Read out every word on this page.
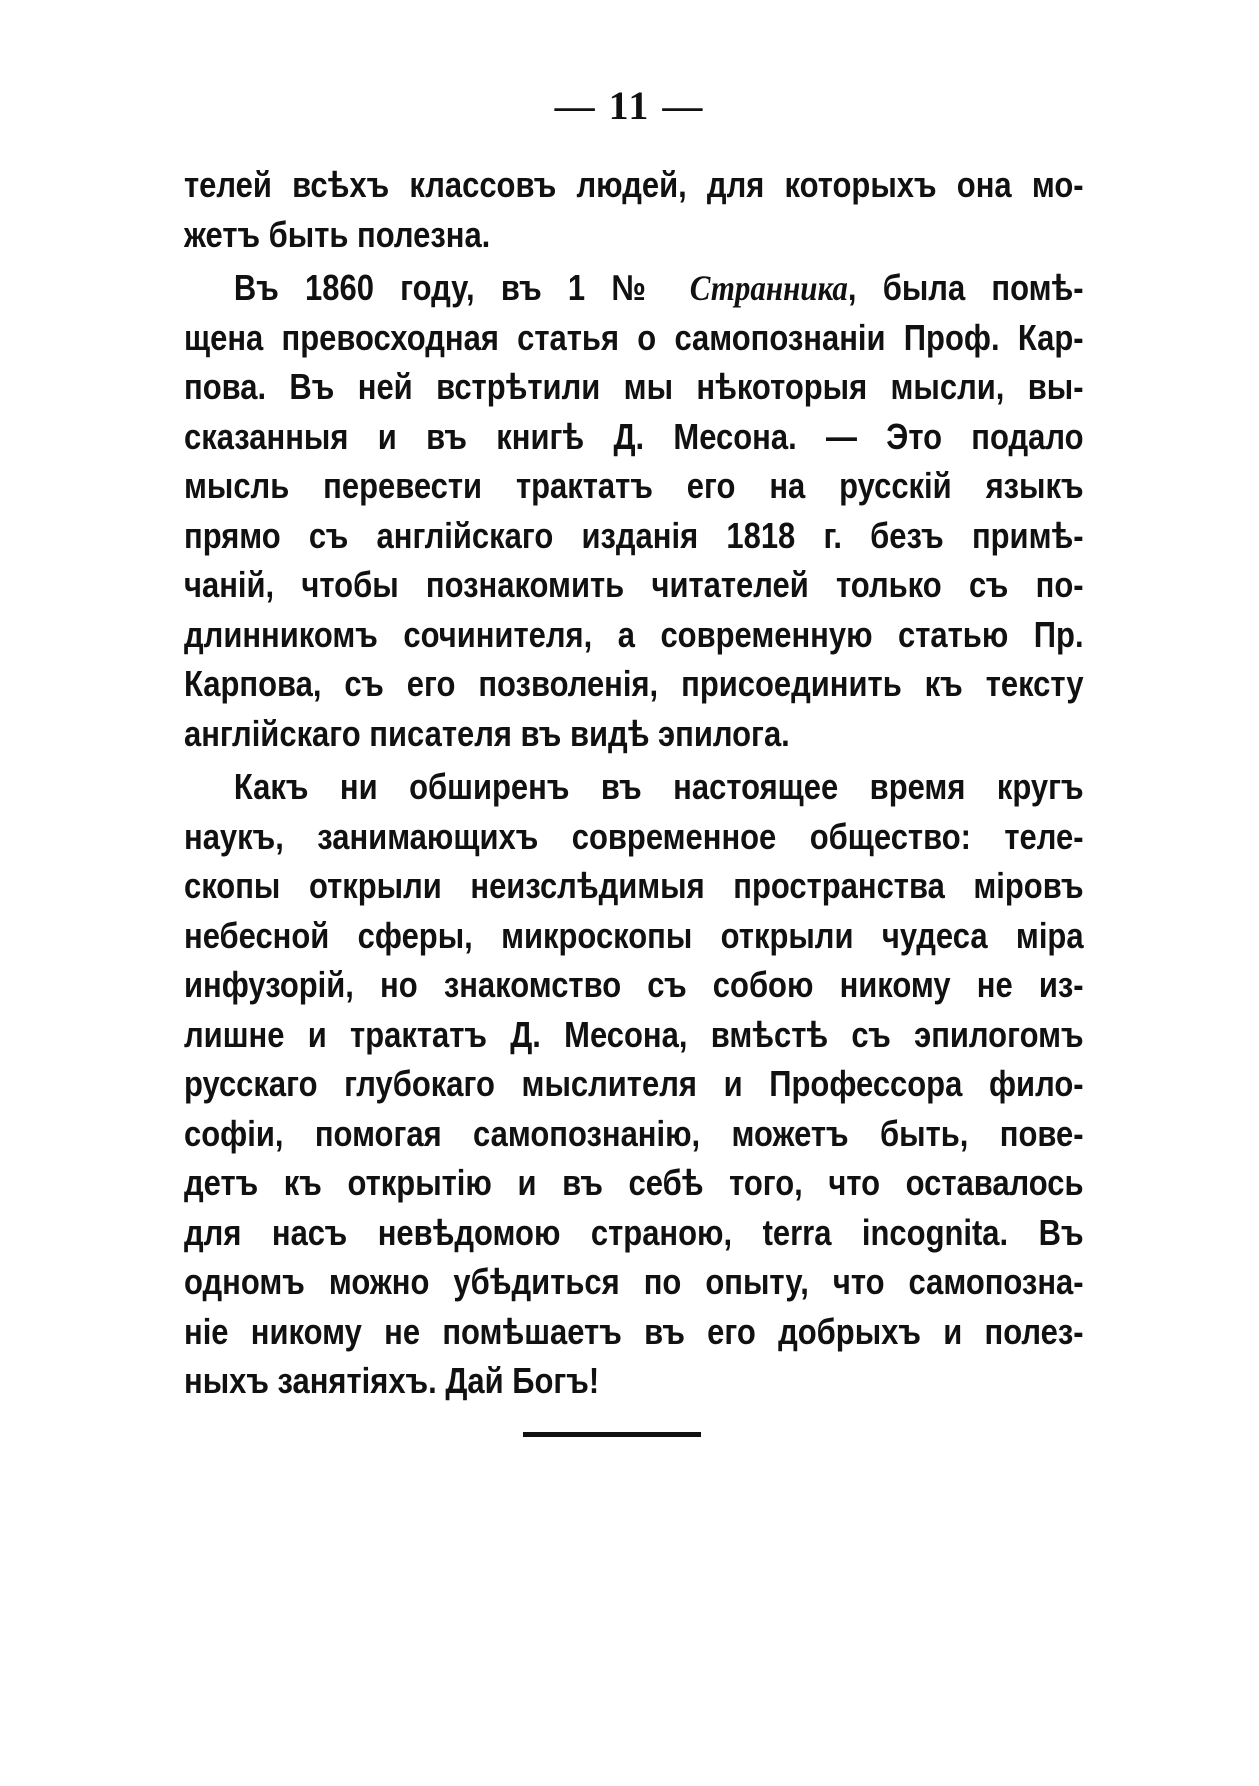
— 11 —
телей всѣхъ классовъ людей, для которыхъ она мо-
жетъ быть полезна.
Въ 1860 году, въ 1 № Странника, была помѣ-
щена превосходная статья о самопознаніи Проф. Кар-
пова. Въ ней встрѣтили мы нѣкоторыя мысли, вы-
сказанныя и въ книгѣ Д. Месона. — Это подало
мысль перевести трактатъ его на русскій языкъ
прямо съ англійскаго изданія 1818 г. безъ примѣ-
чаній, чтобы познакомить читателей только съ по-
длинникомъ сочинителя, а современную статью Пр.
Карпова, съ его позволенія, присоединить къ тексту
англійскаго писателя въ видѣ эпилога.
Какъ ни обширенъ въ настоящее время кругъ
наукъ, занимающихъ современное общество: теле-
скопы открыли неизслѣдимыя пространства міровъ
небесной сферы, микроскопы открыли чудеса міра
инфузорій, но знакомство съ собою никому не из-
лишне и трактатъ Д. Месона, вмѣстѣ съ эпилогомъ
русскаго глубокаго мыслителя и Профессора фило-
софіи, помогая самопознанію, можетъ быть, пове-
детъ къ открытію и въ себѣ того, что оставалось
для насъ невѣдомою страною, terra incognita. Въ
одномъ можно убѣдиться по опыту, что самопозна-
ніе никому не помѣшаетъ въ его добрыхъ и полез-
ныхъ занятіяхъ. Дай Богъ!
